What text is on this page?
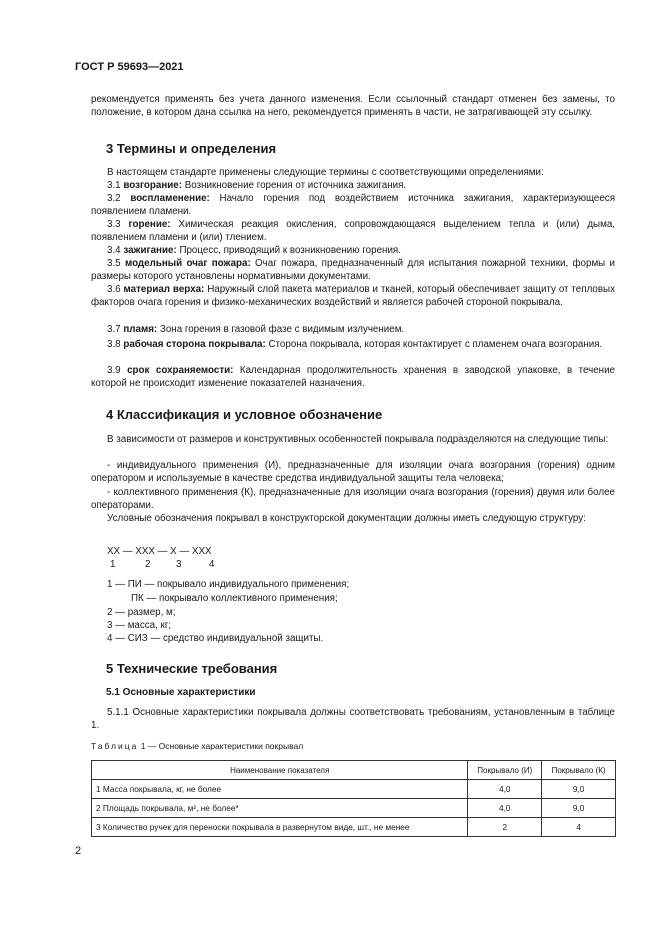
ГОСТ Р 59693—2021

рекомендуется применять без учета данного изменения. Если ссылочный стандарт отменен без замены, то положение, в котором дана ссылка на него, рекомендуется применять в части, не затрагивающей эту ссылку.

3 Термины и определения

В настоящем стандарте применены следующие термины с соответствующими определениями:

3.1 возгорание: Возникновение горения от источника зажигания.

3.2 воспламенение: Начало горения под воздействием источника зажигания, характеризующееся появлением пламени.

3.3 горение: Химическая реакция окисления, сопровождающаяся выделением тепла и (или) дыма, появлением пламени и (или) тлением.

3.4 зажигание: Процесс, приводящий к возникновению горения.

3.5 модельный очаг пожара: Очаг пожара, предназначенный для испытания пожарной техники, формы и размеры которого установлены нормативными документами.

3.6 материал верха: Наружный слой пакета материалов и тканей, который обеспечивает защиту от тепловых факторов очага горения и физико-механических воздействий и является рабочей стороной покрывала.

3.7 пламя: Зона горения в газовой фазе с видимым излучением.

3.8 рабочая сторона покрывала: Сторона покрывала, которая контактирует с пламенем очага возгорания.

3.9 срок сохраняемости: Календарная продолжительность хранения в заводской упаковке, в течение которой не происходит изменение показателей назначения.

4 Классификация и условное обозначение

В зависимости от размеров и конструктивных особенностей покрывала подразделяются на следующие типы:

- индивидуального применения (И), предназначенные для изоляции очага возгорания (горения) одним оператором и используемые в качестве средства индивидуальной защиты тела человека;

- коллективного применения (К), предназначенные для изоляции очага возгорания (горения) двумя или более операторами.

Условные обозначения покрывал в конструкторской документации должны иметь следующую структуру:

ХХ — ХХХ — Х — ХХХ
1	2	3	4
1 — ПИ — покрывало индивидуального применения;
ПК — покрывало коллективного применения;
2 — размер, м;
3 — масса, кг;
4 — СИЗ — средство индивидуальной защиты.
5 Технические требования
5.1 Основные характеристики

5.1.1 Основные характеристики покрывала должны соответствовать требованиям, установленным в таблице 1.

Таблица 1 — Основные характеристики покрывал
Наименование показателя	Покрывало (И)	Покрывало (К)
1 Масса покрывала, кг, не более	4,0	9,0
2 Площадь покрывала, м², не более*	4,0	9,0
3 Количество ручек для переноски покрывала в развернутом виде, шт., не менее	2	4
2
